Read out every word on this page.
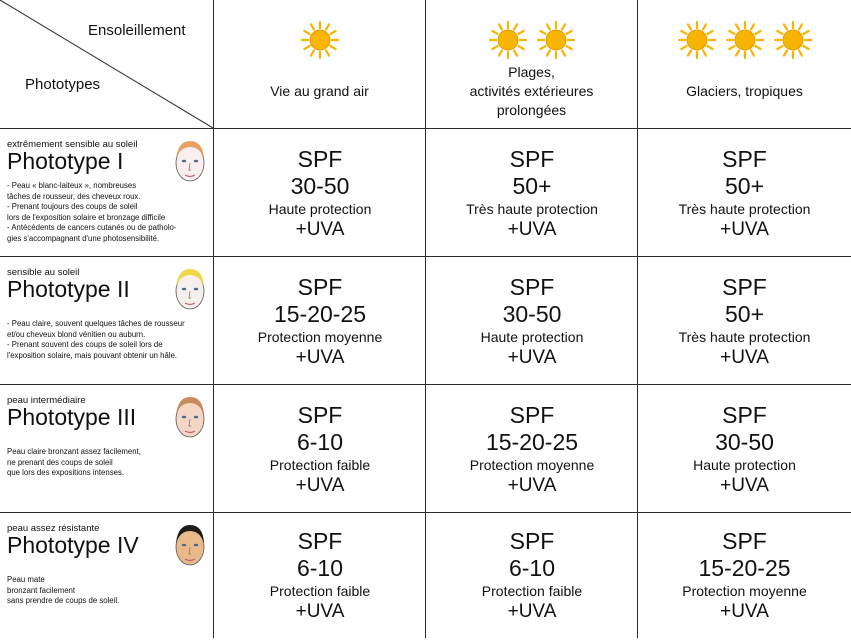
Ensoleillement
Phototypes	Vie au grand air
Plages,
activités extérieures
prolongées
Glaciers, tropiques
extrêmement sensible au soleil
Phototype I
- Peau « blanc-laiteux », nombreuses
tâches de rousseur, des cheveux roux.
- Prenant toujours des coups de soleil
lors de l'exposition solaire et bronzage difficile
- Antécédents de cancers cutanés ou de patholo-
gies s'accompagnant d'une photosensibilité.
SPF
30-50
Haute protection
+UVA
SPF
50+
Très haute protection
+UVA
SPF
50+
Très haute protection
+UVA
sensible au soleil
Phototype II
- Peau claire, souvent quelques tâches de rousseur
et/ou cheveux blond vénitien ou auburn.
- Prenant souvent des coups de soleil lors de
l'exposition solaire, mais pouvant obtenir un hâle.
SPF
15-20-25
Protection moyenne
+UVA
SPF
30-50
Haute protection
+UVA
SPF
50+
Très haute protection
+UVA
peau intermédiaire
Phototype III
Peau claire bronzant assez facilement,
ne prenant des coups de soleil
que lors des expositions intenses.
SPF
6-10
Protection faible
+UVA
SPF
15-20-25
Protection moyenne
+UVA
SPF
30-50
Haute protection
+UVA
peau assez résistante
Phototype IV
Peau mate
bronzant facilement
sans prendre de coups de soleil.
SPF
6-10
Protection faible
+UVA
SPF
6-10
Protection faible
+UVA
SPF
15-20-25
Protection moyenne
+UVA
